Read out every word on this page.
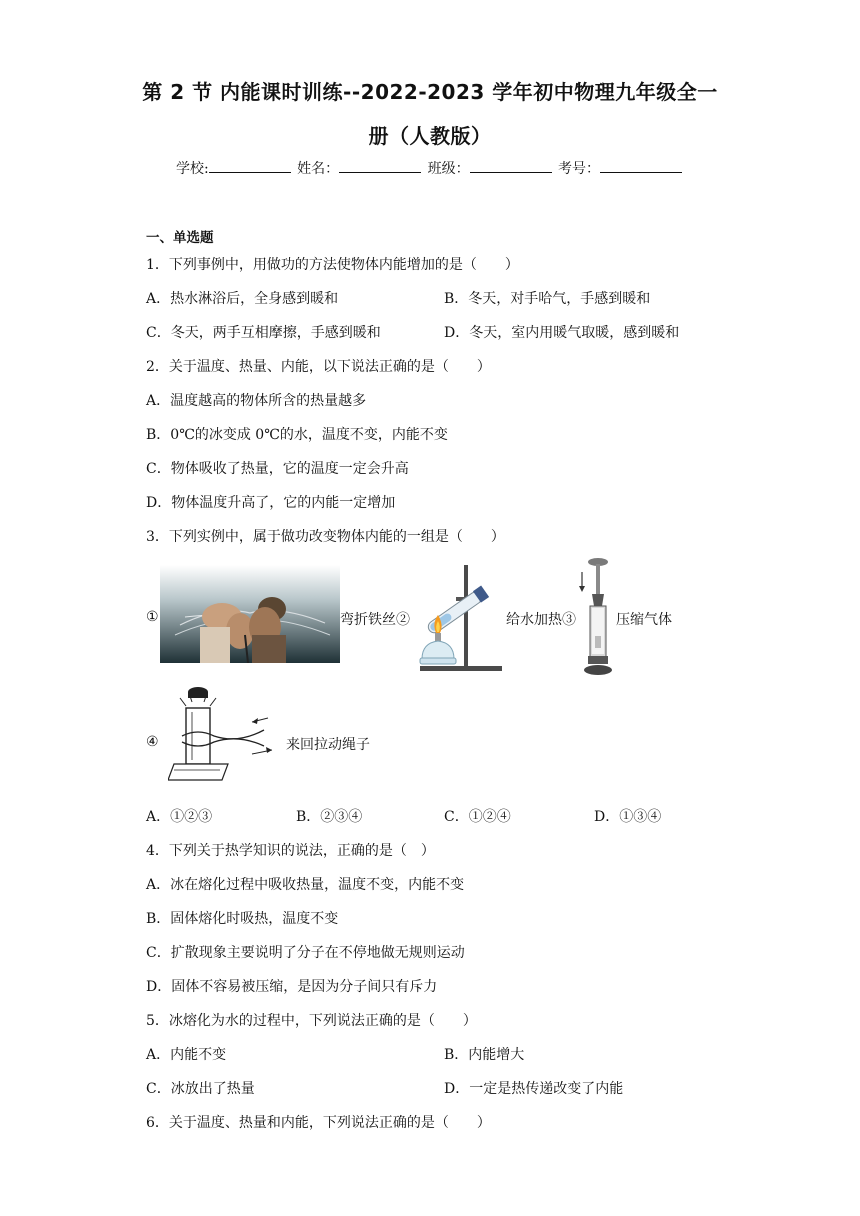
第 2 节 内能课时训练--2022-2023 学年初中物理九年级全一
册（人教版）
学校:	姓名：	班级：	考号：
一、单选题
1．下列事例中，用做功的方法使物体内能增加的是（　　）
A．热水淋浴后，全身感到暖和	B．冬天，对手哈气，手感到暖和
C．冬天，两手互相摩擦，手感到暖和	D．冬天，室内用暖气取暖，感到暖和
2．关于温度、热量、内能，以下说法正确的是（　　）
A．温度越高的物体所含的热量越多
B．0℃的冰变成 0℃的水，温度不变，内能不变
C．物体吸收了热量，它的温度一定会升高
D．物体温度升高了，它的内能一定增加
3．下列实例中，属于做功改变物体内能的一组是（　　）
①	弯折铁丝②	给水加热③	压缩气体
④	来回拉动绳子
A．①②③	B．②③④	C．①②④	D．①③④
4．下列关于热学知识的说法，正确的是（　）
A．冰在熔化过程中吸收热量，温度不变，内能不变
B．固体熔化时吸热，温度不变
C．扩散现象主要说明了分子在不停地做无规则运动
D．固体不容易被压缩，是因为分子间只有斥力
5．冰熔化为水的过程中，下列说法正确的是（　　）
A．内能不变	B．内能增大
C．冰放出了热量	D．一定是热传递改变了内能
6．关于温度、热量和内能，下列说法正确的是（　　）
